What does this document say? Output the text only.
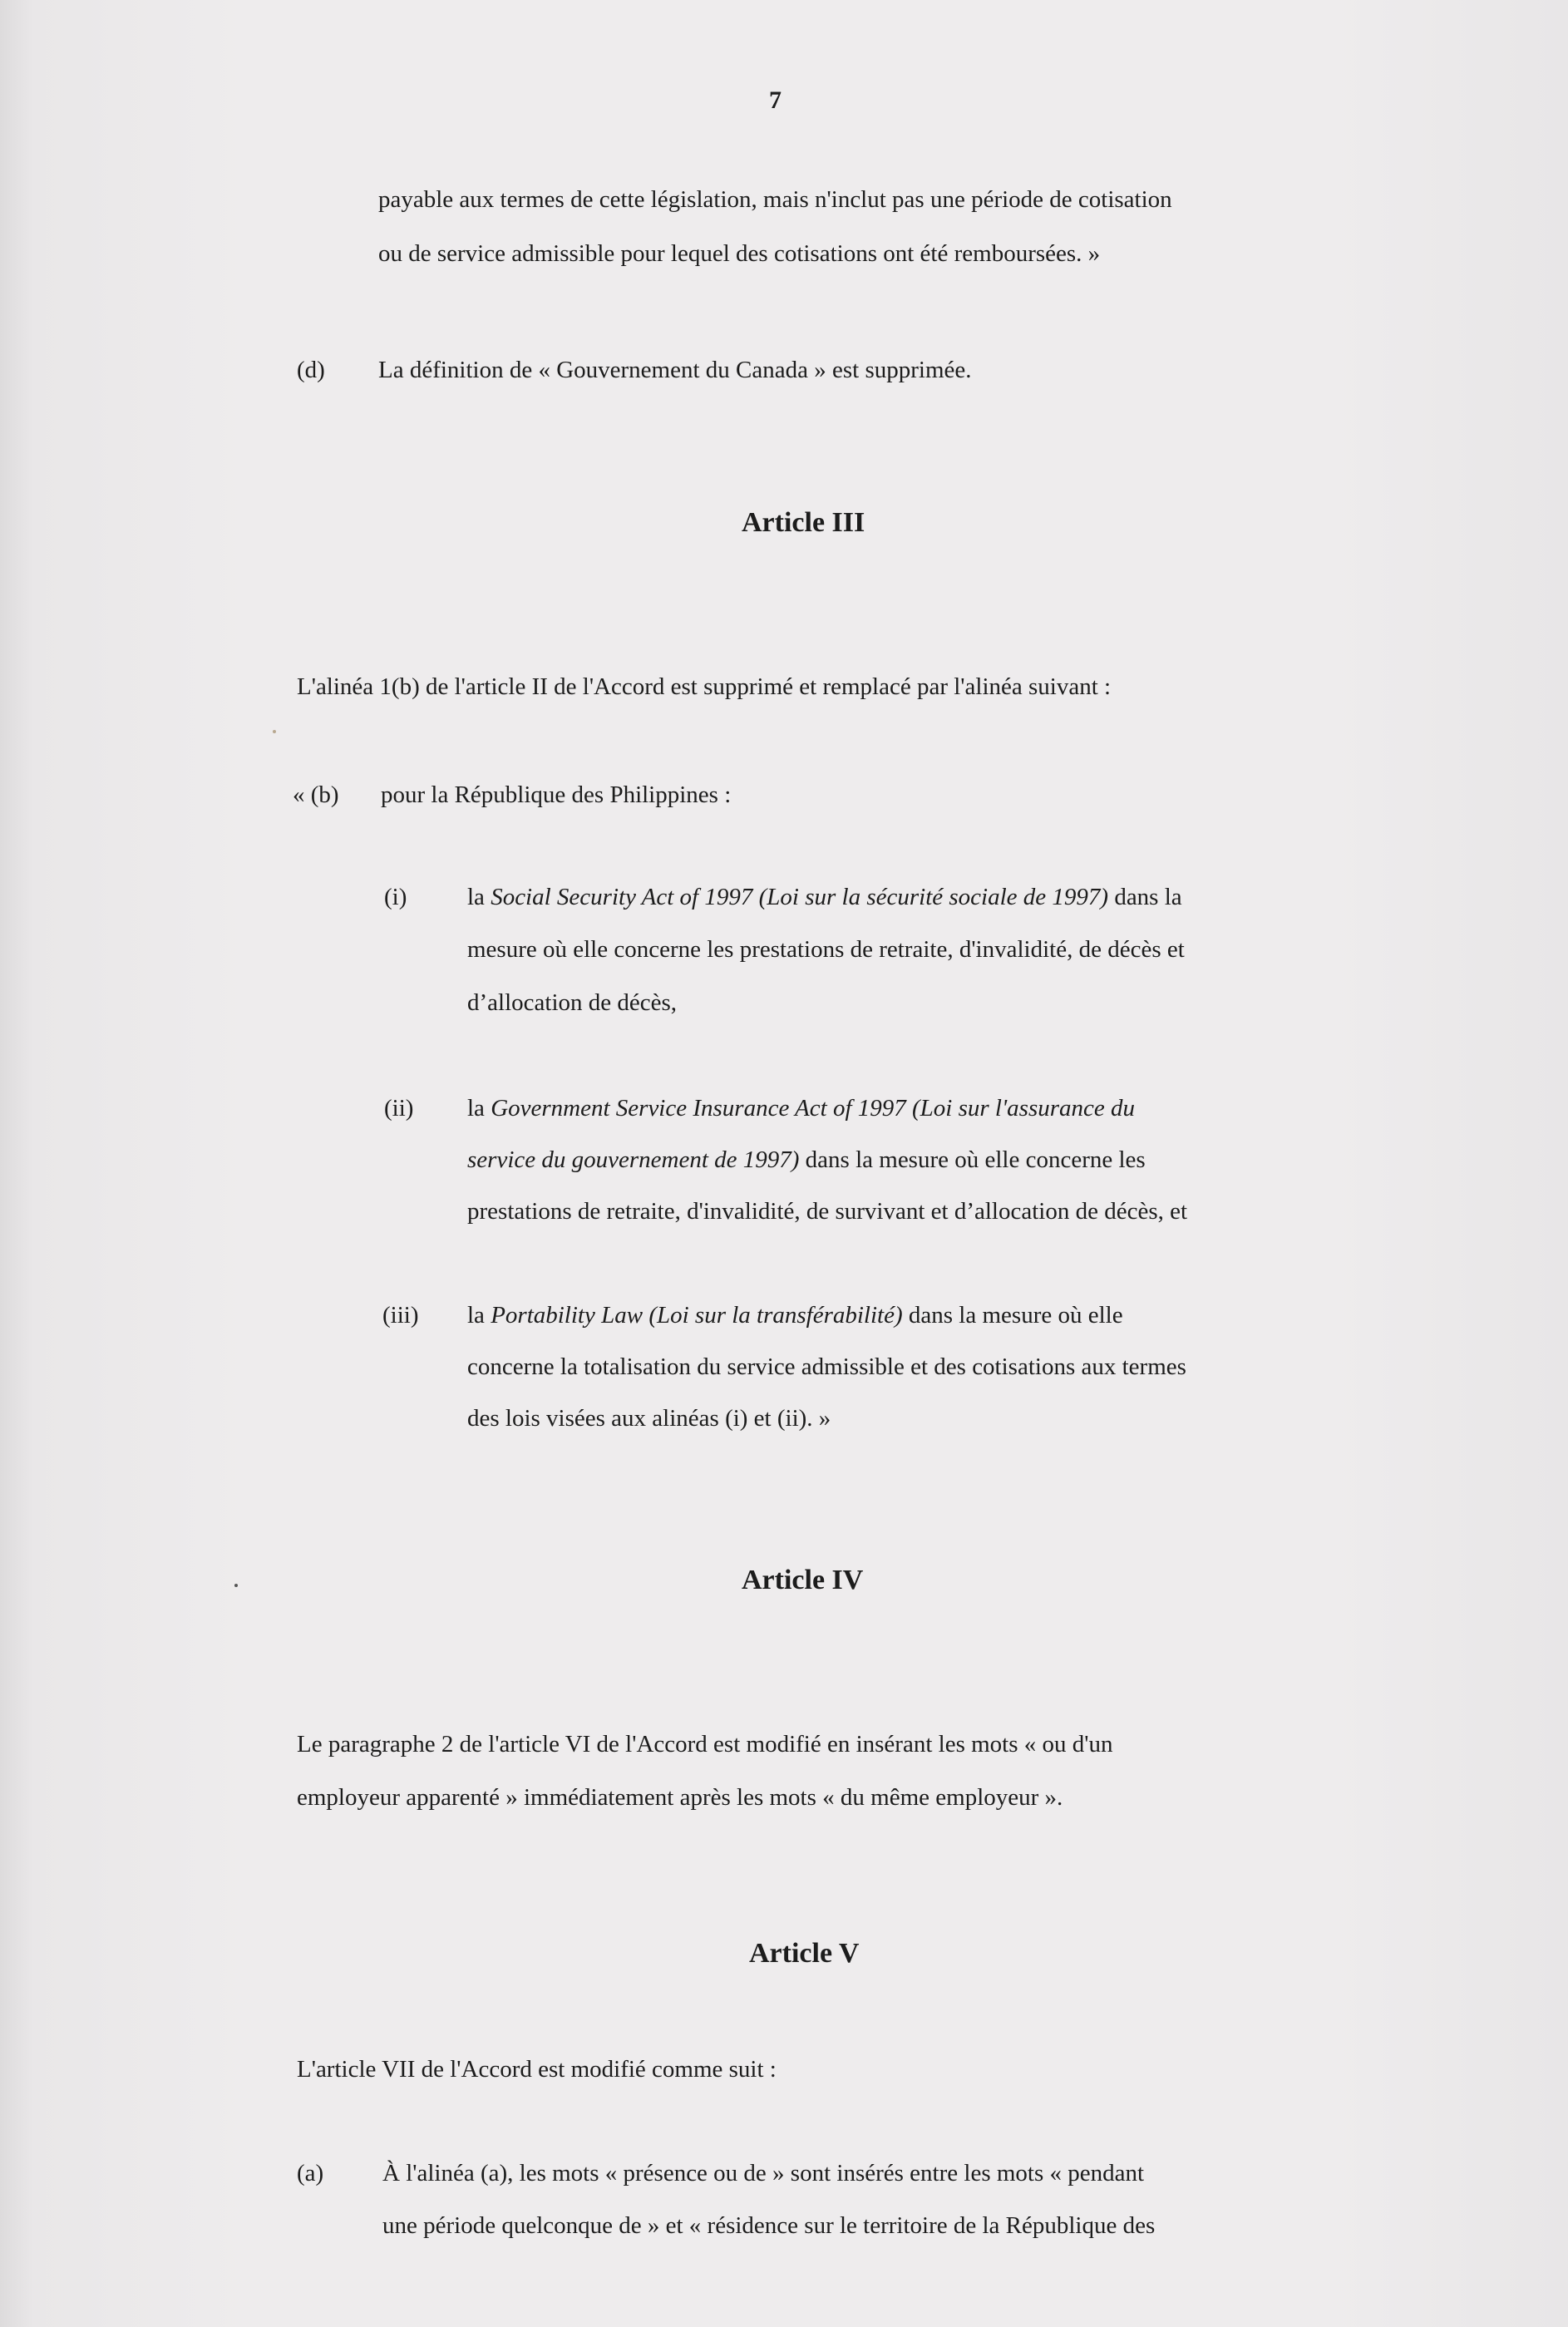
7
payable aux termes de cette législation, mais n'inclut pas une période de cotisation
ou de service admissible pour lequel des cotisations ont été remboursées. »
(d) La définition de « Gouvernement du Canada » est supprimée.
Article III
L'alinéa 1(b) de l'article II de l'Accord est supprimé et remplacé par l'alinéa suivant :
« (b) pour la République des Philippines :
(i)	la Social Security Act of 1997 (Loi sur la sécurité sociale de 1997) dans la
mesure où elle concerne les prestations de retraite, d'invalidité, de décès et
d’allocation de décès,
(ii) la Government Service Insurance Act of 1997 (Loi sur l'assurance du
service du gouvernement de 1997) dans la mesure où elle concerne les
prestations de retraite, d'invalidité, de survivant et d’allocation de décès, et
(iii) la Portability Law (Loi sur la transférabilité) dans la mesure où elle
concerne la totalisation du service admissible et des cotisations aux termes
des lois visées aux alinéas (i) et (ii). »
Article IV
Le paragraphe 2 de l'article VI de l'Accord est modifié en insérant les mots « ou d'un
employeur apparenté » immédiatement après les mots « du même employeur ».
Article V
L'article VII de l'Accord est modifié comme suit :
(a) À l'alinéa (a), les mots « présence ou de » sont insérés entre les mots « pendant
une période quelconque de » et « résidence sur le territoire de la République des
